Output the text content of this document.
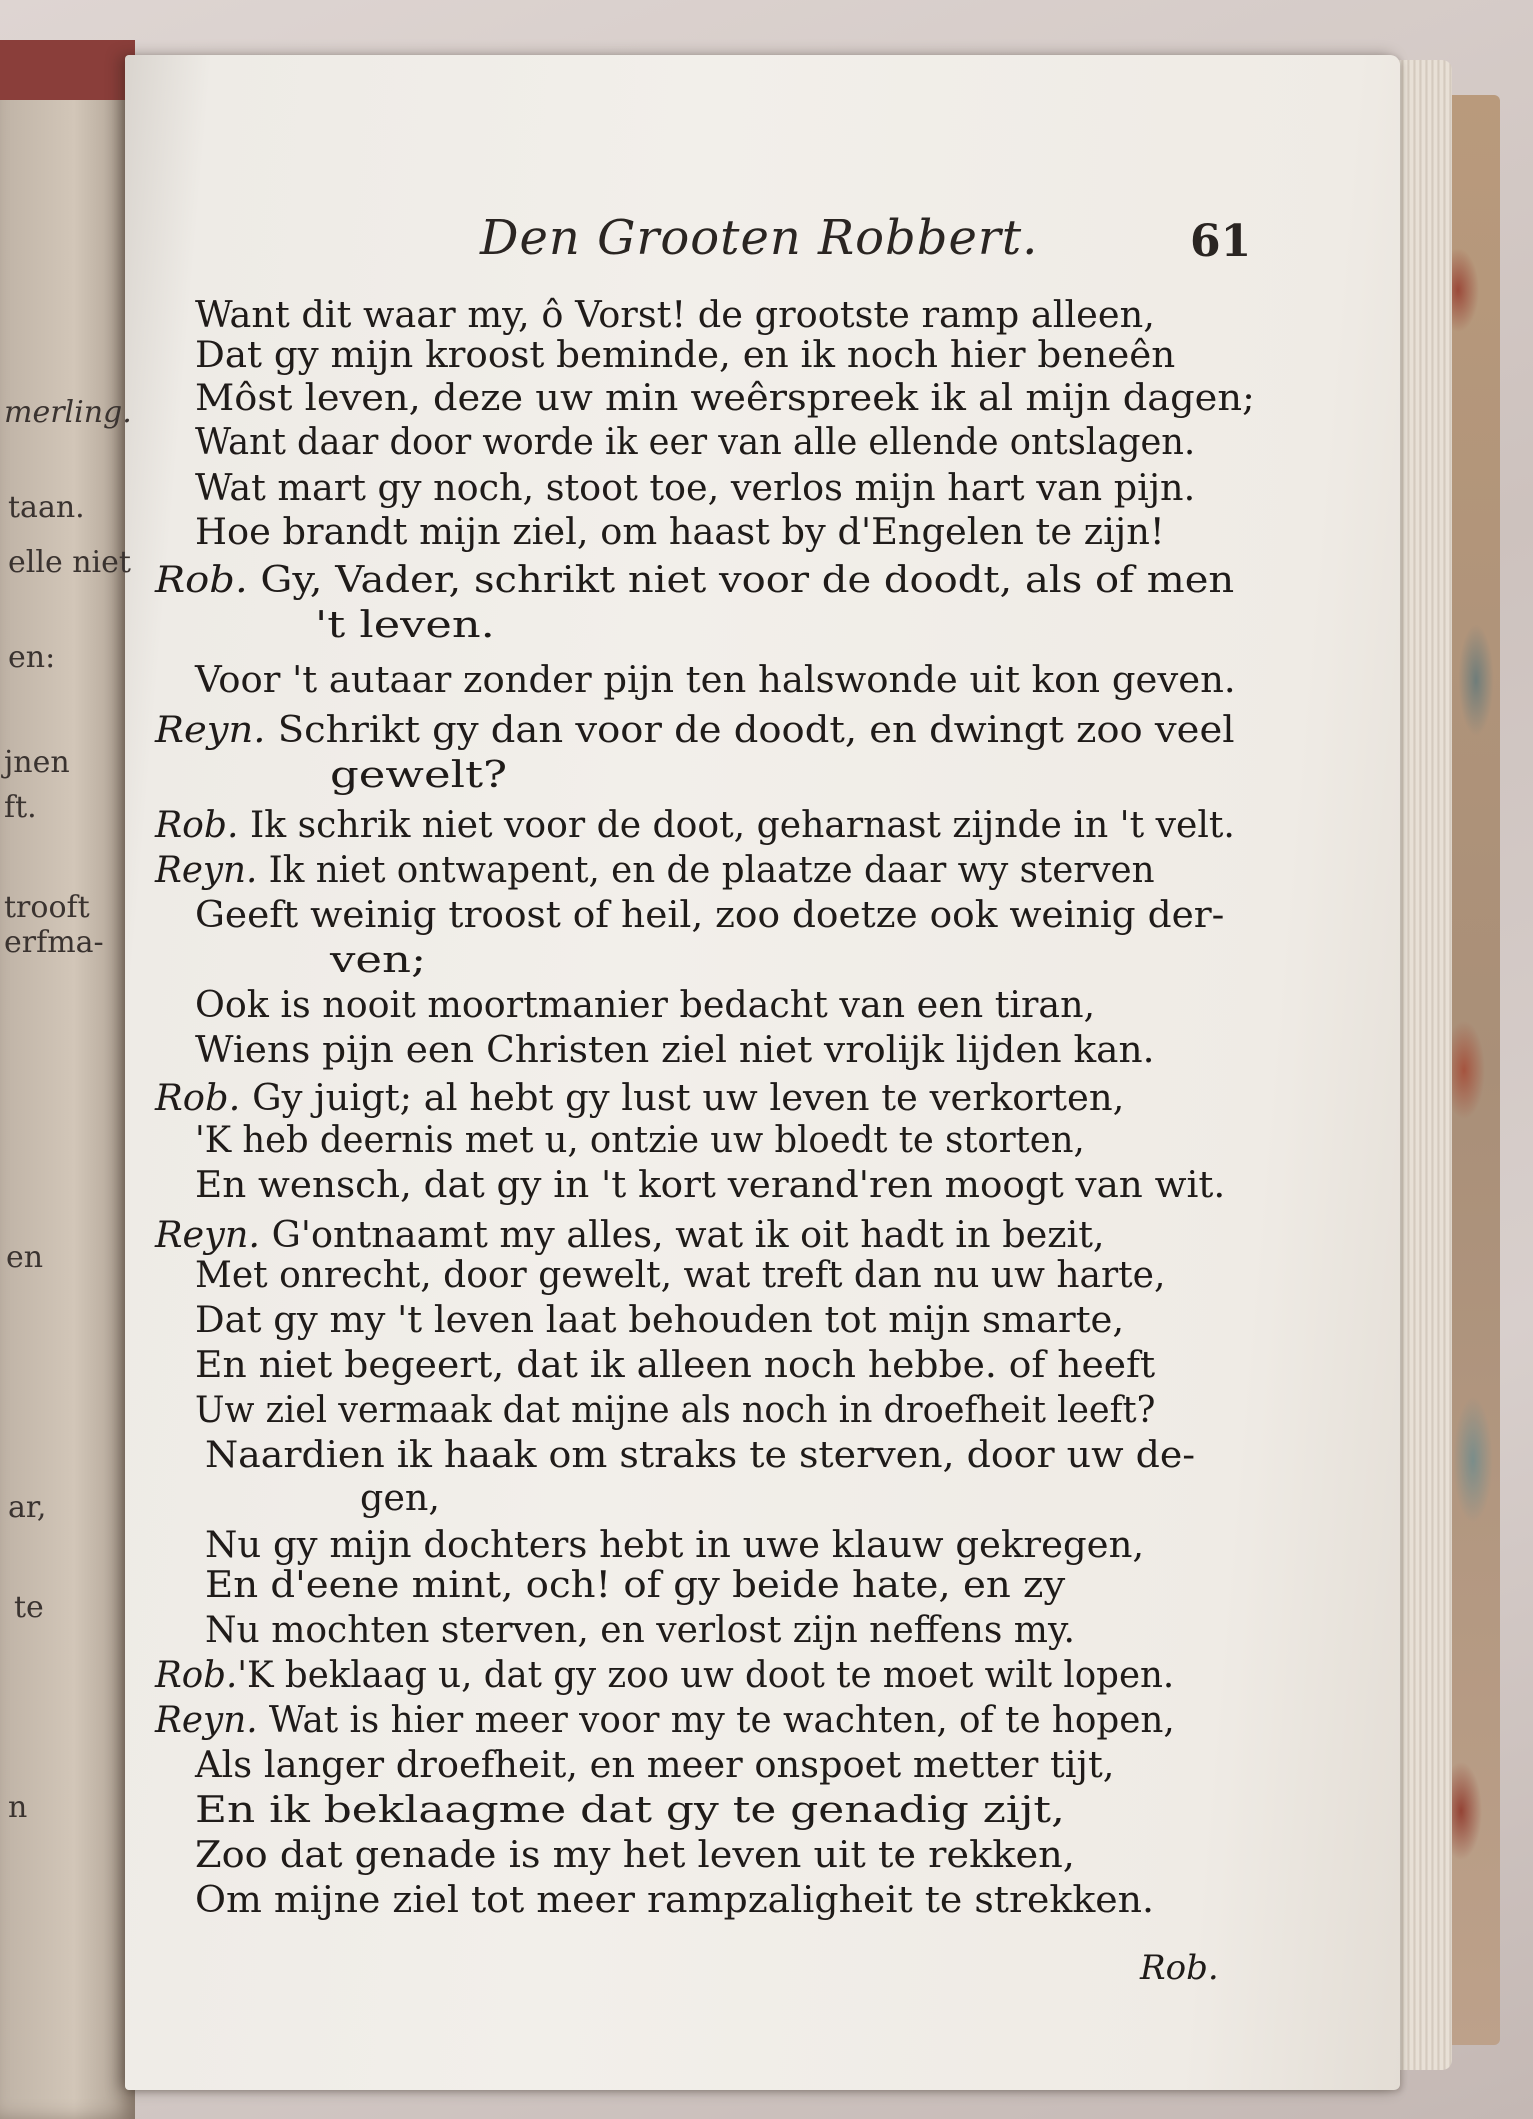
merling.
taan.
elle niet
en:
jnen
ft.
trooft
erfma-
en
ar,
te
n
Den Grooten Robbert.	61
Want dit waar my, ô Vorst! de grootste ramp alleen,
Dat gy mijn kroost beminde, en ik noch hier beneên
Môst leven, deze uw min weêrspreek ik al mijn dagen;
Want daar door worde ik eer van alle ellende ontslagen.
Wat mart gy noch, stoot toe, verlos mijn hart van pijn.
Hoe brandt mijn ziel, om haast by d'Engelen te zijn!
Rob. Gy, Vader, schrikt niet voor de doodt, als of men
't leven.
Voor 't autaar zonder pijn ten halswonde uit kon geven.
Reyn. Schrikt gy dan voor de doodt, en dwingt zoo veel
gewelt?
Rob. Ik schrik niet voor de doot, geharnast zijnde in 't velt.
Reyn. Ik niet ontwapent, en de plaatze daar wy sterven
Geeft weinig troost of heil, zoo doetze ook weinig der-
ven;
Ook is nooit moortmanier bedacht van een tiran,
Wiens pijn een Christen ziel niet vrolijk lijden kan.
Rob. Gy juigt; al hebt gy lust uw leven te verkorten,
'K heb deernis met u, ontzie uw bloedt te storten,
En wensch, dat gy in 't kort verand'ren moogt van wit.
Reyn. G'ontnaamt my alles, wat ik oit hadt in bezit,
Met onrecht, door gewelt, wat treft dan nu uw harte,
Dat gy my 't leven laat behouden tot mijn smarte,
En niet begeert, dat ik alleen noch hebbe. of heeft
Uw ziel vermaak dat mijne als noch in droefheit leeft?
Naardien ik haak om straks te sterven, door uw de-
gen,
Nu gy mijn dochters hebt in uwe klauw gekregen,
En d'eene mint, och! of gy beide hate, en zy
Nu mochten sterven, en verlost zijn neffens my.
Rob.'K beklaag u, dat gy zoo uw doot te moet wilt lopen.
Reyn. Wat is hier meer voor my te wachten, of te hopen,
Als langer droefheit, en meer onspoet metter tijt,
En ik beklaagme dat gy te genadig zijt,
Zoo dat genade is my het leven uit te rekken,
Om mijne ziel tot meer rampzaligheit te strekken.
Rob.
